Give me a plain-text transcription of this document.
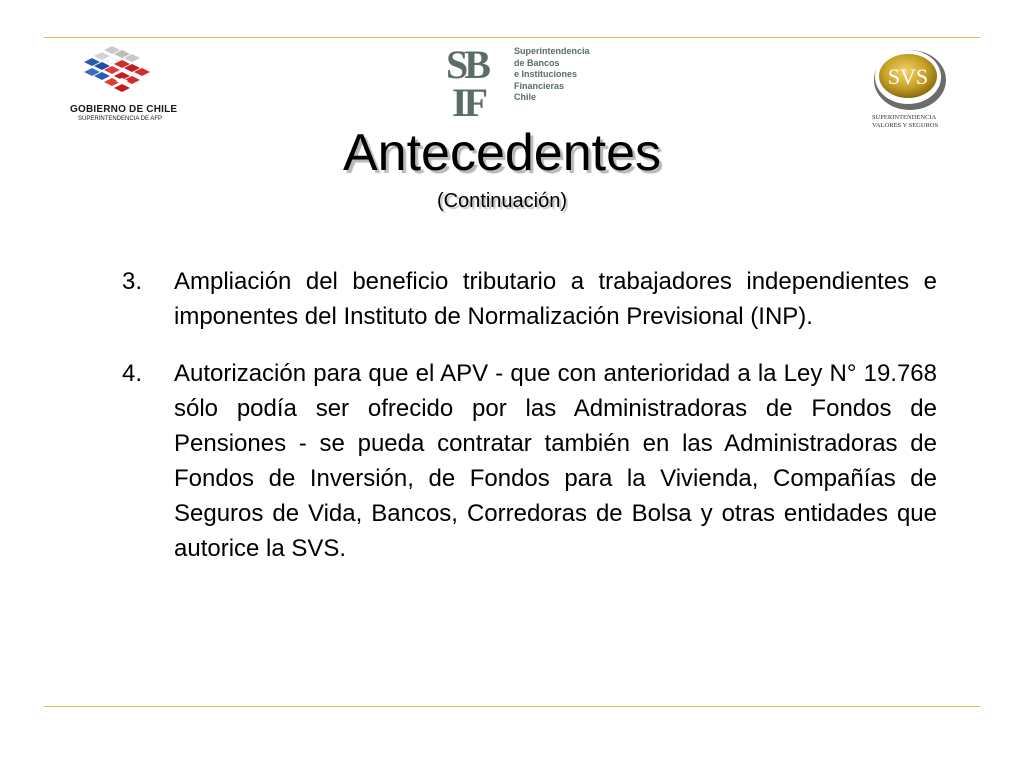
GOBIERNO DE CHILE
SUPERINTENDENCIA DE AFP
SB
IF
Superintendencia
de Bancos
e Instituciones
Financieras
Chile
SVS
SUPERINTENDENCIA
VALORES Y SEGUROS
Antecedentes
(Continuación)
3. Ampliación del beneficio tributario a trabajadores independientes e imponentes del Instituto de Normalización Previsional (INP).
4. Autorización para que el APV - que con anterioridad a la Ley N° 19.768 sólo podía ser ofrecido por las Administradoras de Fondos de Pensiones - se pueda contratar también en las Administradoras de Fondos de Inversión, de Fondos para la Vivienda, Compañías de Seguros de Vida, Bancos, Corredoras de Bolsa y otras entidades que autorice la SVS.
